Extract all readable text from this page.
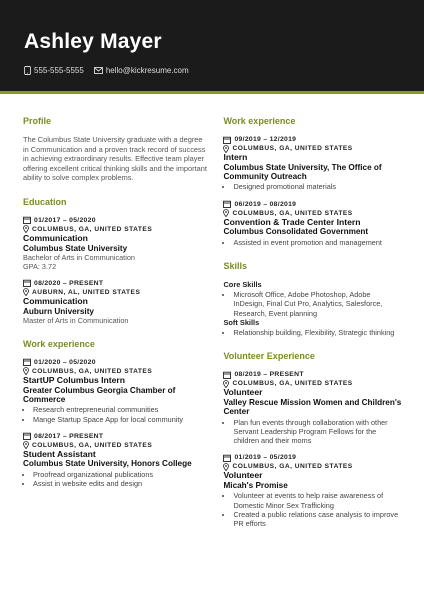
Ashley Mayer
555-555-5555	hello@kickresume.com
Profile

The Columbus State University graduate with a degree in Communication and a proven track record of success in achieving extraordinary results. Effective team player offering excellent critical thinking skills and the important ability to solve complex problems.

Education
01/2017 – 05/2020
COLUMBUS, GA, UNITED STATES
Communication
Columbus State University
Bachelor of Arts in Communication
GPA: 3.72
08/2020 – PRESENT
AUBURN, AL, UNITED STATES
Communication
Auburn University
Master of Arts in Communication
Work experience
01/2020 – 05/2020
COLUMBUS, GA, UNITED STATES
StartUP Columbus Intern
Greater Columbus Georgia Chamber of Commerce
• Research entrepreneurial communities
• Mange Startup Space App for local community
08/2017 – PRESENT
COLUMBUS, GA, UNITED STATES
Student Assistant
Columbus State University, Honors College
• Proofread organizational publications
• Assist in website edits and design
Work experience
09/2019 – 12/2019
COLUMBUS, GA, UNITED STATES
Intern
Columbus State University, The Office of Community Outreach
• Designed promotional materials
06/2019 – 08/2019
COLUMBUS, GA, UNITED STATES
Convention & Trade Center Intern
Columbus Consolidated Government
• Assisted in event promotion and management
Skills
Core Skills
• Microsoft Office, Adobe Photoshop, Adobe InDesign, Final Cut Pro, Analytics, Salesforce, Research, Event planning
Soft Skills
• Relationship building, Flexibility, Strategic thinking
Volunteer Experience
08/2019 – PRESENT
COLUMBUS, GA, UNITED STATES
Volunteer
Valley Rescue Mission Women and Children's Center
• Plan fun events through collaboration with other Servant Leadership Program Fellows for the children and their moms
01/2019 – 05/2019
COLUMBUS, GA, UNITED STATES
Volunteer
Micah's Promise
• Volunteer at events to help raise awareness of Domestic Minor Sex Trafficking
• Created a public relations case analysis to improve PR efforts
